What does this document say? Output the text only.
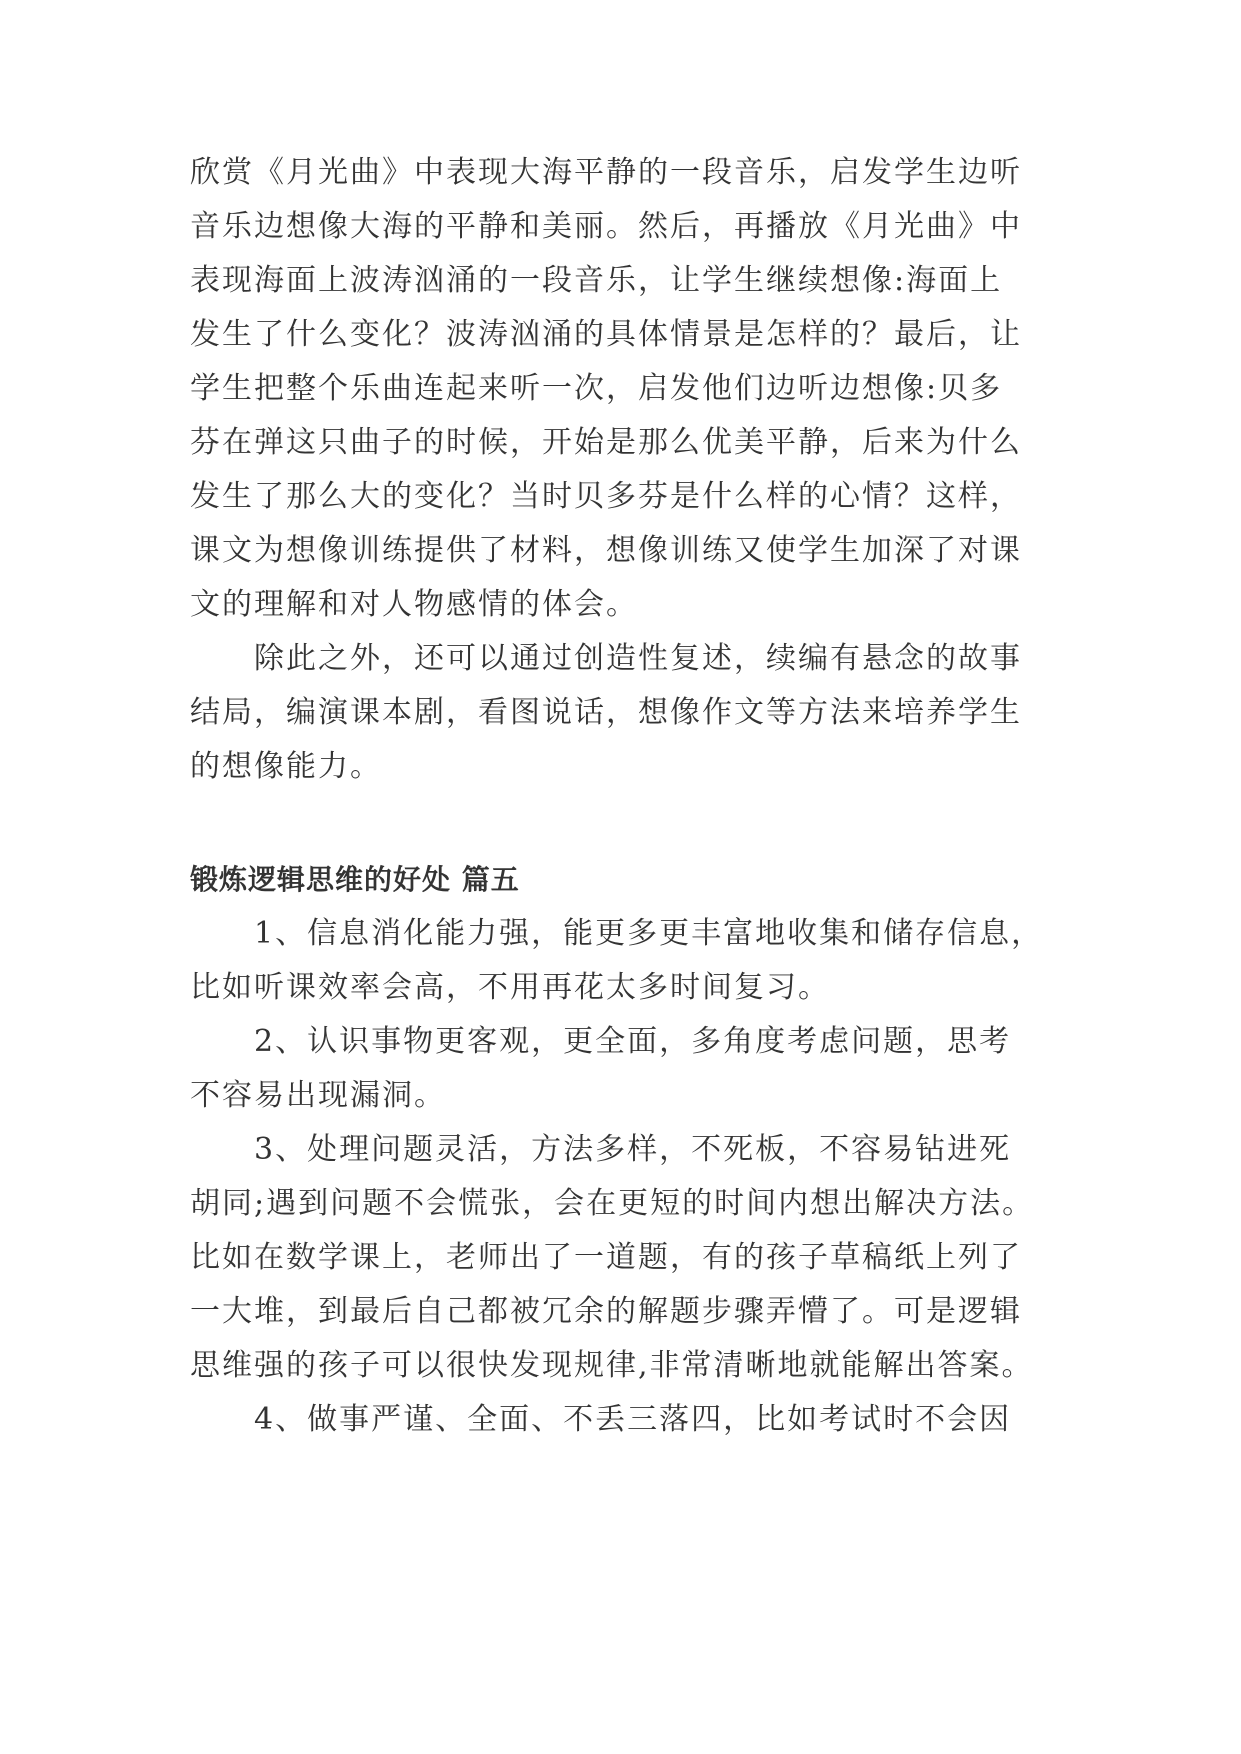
欣赏《月光曲》中表现大海平静的一段音乐，启发学生边听

音乐边想像大海的平静和美丽。然后，再播放《月光曲》中

表现海面上波涛汹涌的一段音乐，让学生继续想像:海面上

发生了什么变化？波涛汹涌的具体情景是怎样的？最后，让

学生把整个乐曲连起来听一次，启发他们边听边想像:贝多

芬在弹这只曲子的时候，开始是那么优美平静，后来为什么

发生了那么大的变化？当时贝多芬是什么样的心情？这样，

课文为想像训练提供了材料，想像训练又使学生加深了对课

文的理解和对人物感情的体会。

除此之外，还可以通过创造性复述，续编有悬念的故事

结局，编演课本剧，看图说话，想像作文等方法来培养学生

的想像能力。

锻炼逻辑思维的好处 篇五

1、信息消化能力强，能更多更丰富地收集和储存信息，

比如听课效率会高，不用再花太多时间复习。

2、认识事物更客观，更全面，多角度考虑问题，思考

不容易出现漏洞。

3、处理问题灵活，方法多样，不死板，不容易钻进死

胡同;遇到问题不会慌张，会在更短的时间内想出解决方法。

比如在数学课上，老师出了一道题，有的孩子草稿纸上列了

一大堆，到最后自己都被冗余的解题步骤弄懵了。可是逻辑

思维强的孩子可以很快发现规律,非常清晰地就能解出答案。

4、做事严谨、全面、不丢三落四，比如考试时不会因
